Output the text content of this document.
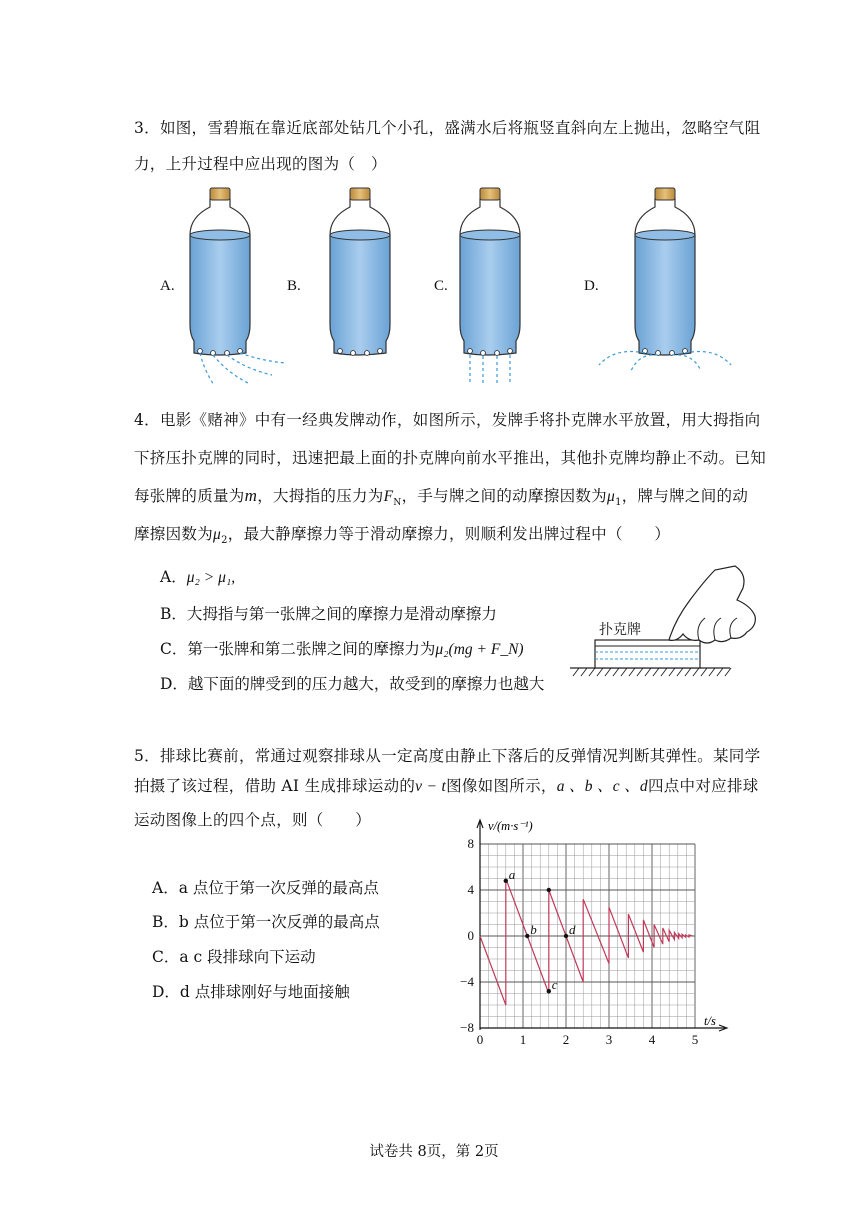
3．如图，雪碧瓶在靠近底部处钻几个小孔，盛满水后将瓶竖直斜向左上抛出，忽略空气阻
力，上升过程中应出现的图为（　）
A.	B.	C.	D.
4．电影《赌神》中有一经典发牌动作，如图所示，发牌手将扑克牌水平放置，用大拇指向
下挤压扑克牌的同时，迅速把最上面的扑克牌向前水平推出，其他扑克牌均静止不动。已知
每张牌的质量为m，大拇指的压力为$F_N$，手与牌之间的动摩擦因数为$\mu_1$，牌与牌之间的动
摩擦因数为$\mu_2$，最大静摩擦力等于滑动摩擦力，则顺利发出牌过程中（　　）
A．μ₂ > μ₁,
B．大拇指与第一张牌之间的摩擦力是滑动摩擦力
C．第一张牌和第二张牌之间的摩擦力为μ₂(mg + F_N)
D．越下面的牌受到的压力越大，故受到的摩擦力也越大
扑克牌
5．排球比赛前，常通过观察排球从一定高度由静止下落后的反弹情况判断其弹性。某同学
拍摄了该过程，借助 AI 生成排球运动的v − t图像如图所示，a 、b 、c 、d四点中对应排球
运动图像上的四个点，则（　　）
A．a 点位于第一次反弹的最高点
B．b 点位于第一次反弹的最高点
C．a c 段排球向下运动
D．d 点排球刚好与地面接触
a
b
c
d
0	1	2	3	4	5
8
4
0
−4
−8
v/(m·s⁻¹)
t/s
试卷共 8页，第 2页
